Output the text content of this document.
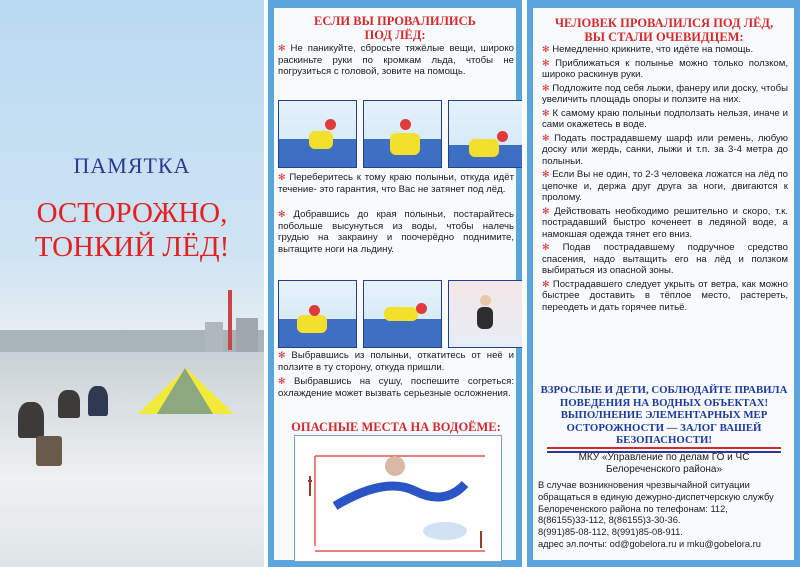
ПАМЯТКА
ОСТОРОЖНО,
ТОНКИЙ ЛЁД!
ЕСЛИ ВЫ ПРОВАЛИЛИСЬ
ПОД ЛЁД:
✻ Не паникуйте, сбросьте тяжёлые вещи, широко раскиньте руки по кромкам льда, чтобы не погрузиться с головой, зовите на помощь.
✻ Переберитесь к тому краю полыньи, откуда идёт течение- это гарантия, что Вас не затянет под лёд.
✻ Добравшись до края полыньи, постарайтесь побольше высунуться из воды, чтобы налечь грудью на закраину и поочерёдно поднимите, вытащите ноги на льдину.
✻ Выбравшись из полыньи, откатитесь от неё и ползите в ту сторону, откуда пришли.
✻ Выбравшись на сушу, поспешите согреться: охлаждение может вызвать серьезные осложнения.
ОПАСНЫЕ МЕСТА НА ВОДОЁМЕ:
ЧЕЛОВЕК ПРОВАЛИЛСЯ ПОД ЛЁД,
ВЫ СТАЛИ ОЧЕВИДЦЕМ:
✻ Немедленно крикните, что идёте на помощь.
✻ Приближаться к полынье можно только ползком, широко раскинув руки.
✻ Подложите под себя лыжи, фанеру или доску, чтобы увеличить площадь опоры и ползите на них.
✻ К самому краю полыньи подползать нельзя, иначе и сами окажетесь в воде.
✻ Подать пострадавшему шарф или ремень, любую доску или жердь, санки, лыжи и т.п. за 3-4 метра до полыньи.
✻ Если Вы не один, то 2-3 человека ложатся на лёд по цепочке и, держа друг друга за ноги, двигаются к пролому.
✻ Действовать необходимо решительно и скоро, т.к. пострадавший быстро коченеет в ледяной воде, а намокшая одежда тянет его вниз.
✻ Подав пострадавшему подручное средство спасения, надо вытащить его на лёд и ползком выбираться из опасной зоны.
✻ Пострадавшего следует укрыть от ветра, как можно быстрее доставить в тёплое место, растереть, переодеть и дать горячее питьё.
ВЗРОСЛЫЕ И ДЕТИ, СОБЛЮДАЙТЕ ПРАВИЛА
ПОВЕДЕНИЯ НА ВОДНЫХ ОБЪЕКТАХ!
ВЫПОЛНЕНИЕ ЭЛЕМЕНТАРНЫХ МЕР
ОСТОРОЖНОСТИ — ЗАЛОГ ВАШЕЙ
БЕЗОПАСНОСТИ!
МКУ «Управление по делам ГО и ЧС
Белореченского района»
В случае возникновения чрезвычайной ситуации
обращаться в единую дежурно-диспетчерскую службу
Белореченского района по телефонам: 112,
8(86155)33-112, 8(86155)3-30-36.
8(991)85-08-112, 8(991)85-08-911.
адрес эл.почты: od@gobelora.ru и mku@gobelora.ru
